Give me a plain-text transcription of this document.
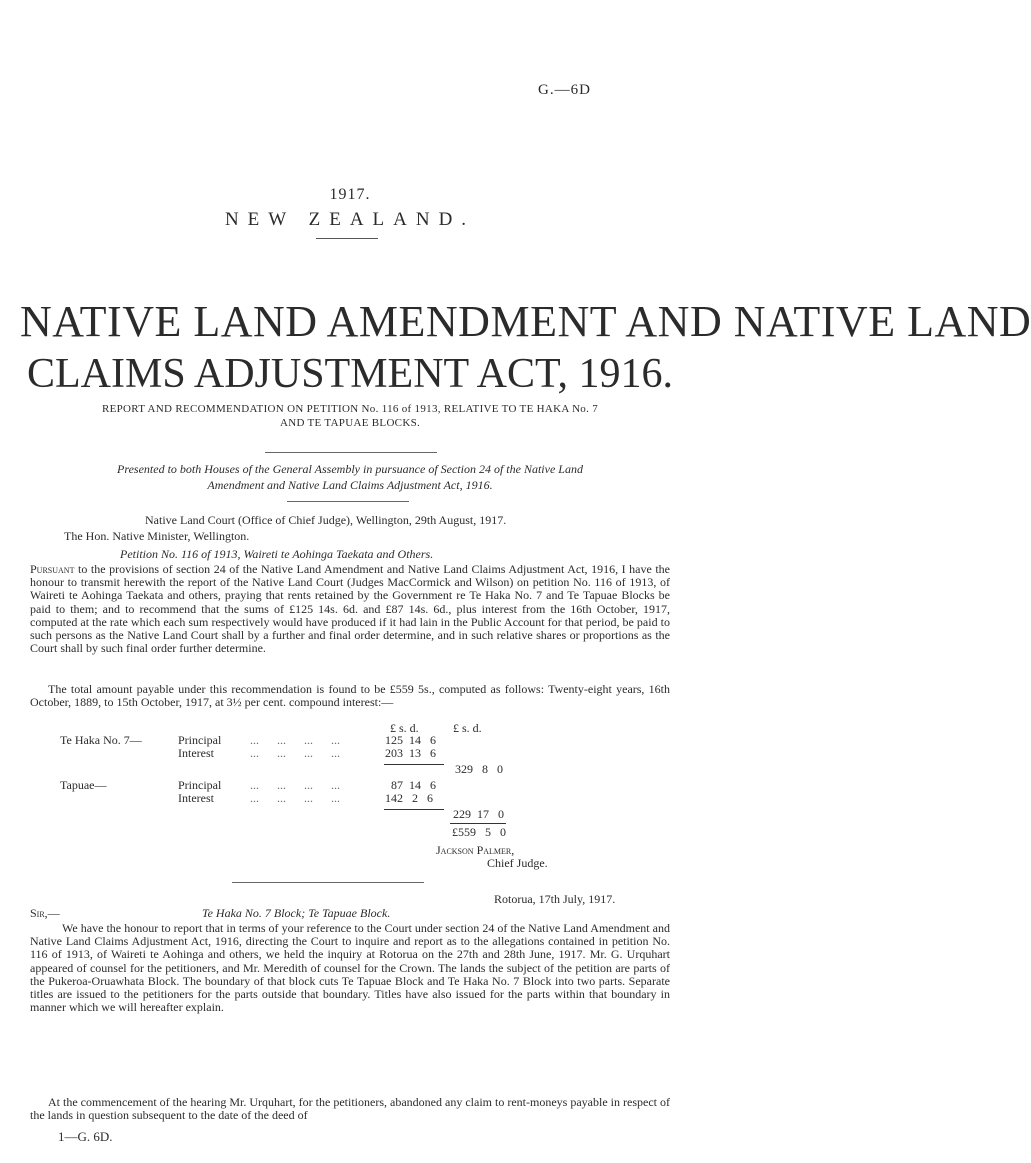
G.—6D
1917.
NEW ZEALAND.
NATIVE LAND AMENDMENT AND NATIVE LAND
CLAIMS ADJUSTMENT ACT, 1916.
REPORT AND RECOMMENDATION ON PETITION No. 116 of 1913, RELATIVE TO TE HAKA No. 7
AND TE TAPUAE BLOCKS.
Presented to both Houses of the General Assembly in pursuance of Section 24 of the Native Land
Amendment and Native Land Claims Adjustment Act, 1916.
Native Land Court (Office of Chief Judge), Wellington, 29th August, 1917.
The Hon. Native Minister, Wellington.
Petition No. 116 of 1913, Waireti te Aohinga Taekata and Others.
Pursuant to the provisions of section 24 of the Native Land Amendment and Native Land Claims Adjustment Act, 1916, I have the honour to transmit herewith the report of the Native Land Court (Judges MacCormick and Wilson) on petition No. 116 of 1913, of Waireti te Aohinga Taekata and others, praying that rents retained by the Government re Te Haka No. 7 and Te Tapuae Blocks be paid to them; and to recommend that the sums of £125 14s. 6d. and £87 14s. 6d., plus interest from the 16th October, 1917, computed at the rate which each sum respectively would have produced if it had lain in the Public Account for that period, be paid to such persons as the Native Land Court shall by a further and final order determine, and in such relative shares or proportions as the Court shall by such final order further determine.
The total amount payable under this recommendation is found to be £559 5s., computed as follows: Twenty-eight years, 16th October, 1889, to 15th October, 1917, at 3½ per cent. compound interest:—
£ s. d.	£ s. d.
Te Haka No. 7—	Principal ...      ...      ...      ...	125  14   6
Interest	...      ...      ...      ...	203  13   6
329   8   0
Tapuae—	Principal ...      ...      ...      ...	87  14   6
Interest	...      ...      ...      ...	142   2   6
229  17   0
£559   5   0
Jackson Palmer,
Chief Judge.
Rotorua, 17th July, 1917.
Sir,—	Te Haka No. 7 Block; Te Tapuae Block.
We have the honour to report that in terms of your reference to the Court under section 24 of the Native Land Amendment and Native Land Claims Adjustment Act, 1916, directing the Court to inquire and report as to the allegations contained in petition No. 116 of 1913, of Waireti te Aohinga and others, we held the inquiry at Rotorua on the 27th and 28th June, 1917. Mr. G. Urquhart appeared of counsel for the petitioners, and Mr. Meredith of counsel for the Crown. The lands the subject of the petition are parts of the Pukeroa-Oruawhata Block. The boundary of that block cuts Te Tapuae Block and Te Haka No. 7 Block into two parts. Separate titles are issued to the petitioners for the parts outside that boundary. Titles have also issued for the parts within that boundary in manner which we will hereafter explain.
At the commencement of the hearing Mr. Urquhart, for the petitioners, abandoned any claim to rent-moneys payable in respect of the lands in question subsequent to the date of the deed of
1—G. 6D.
